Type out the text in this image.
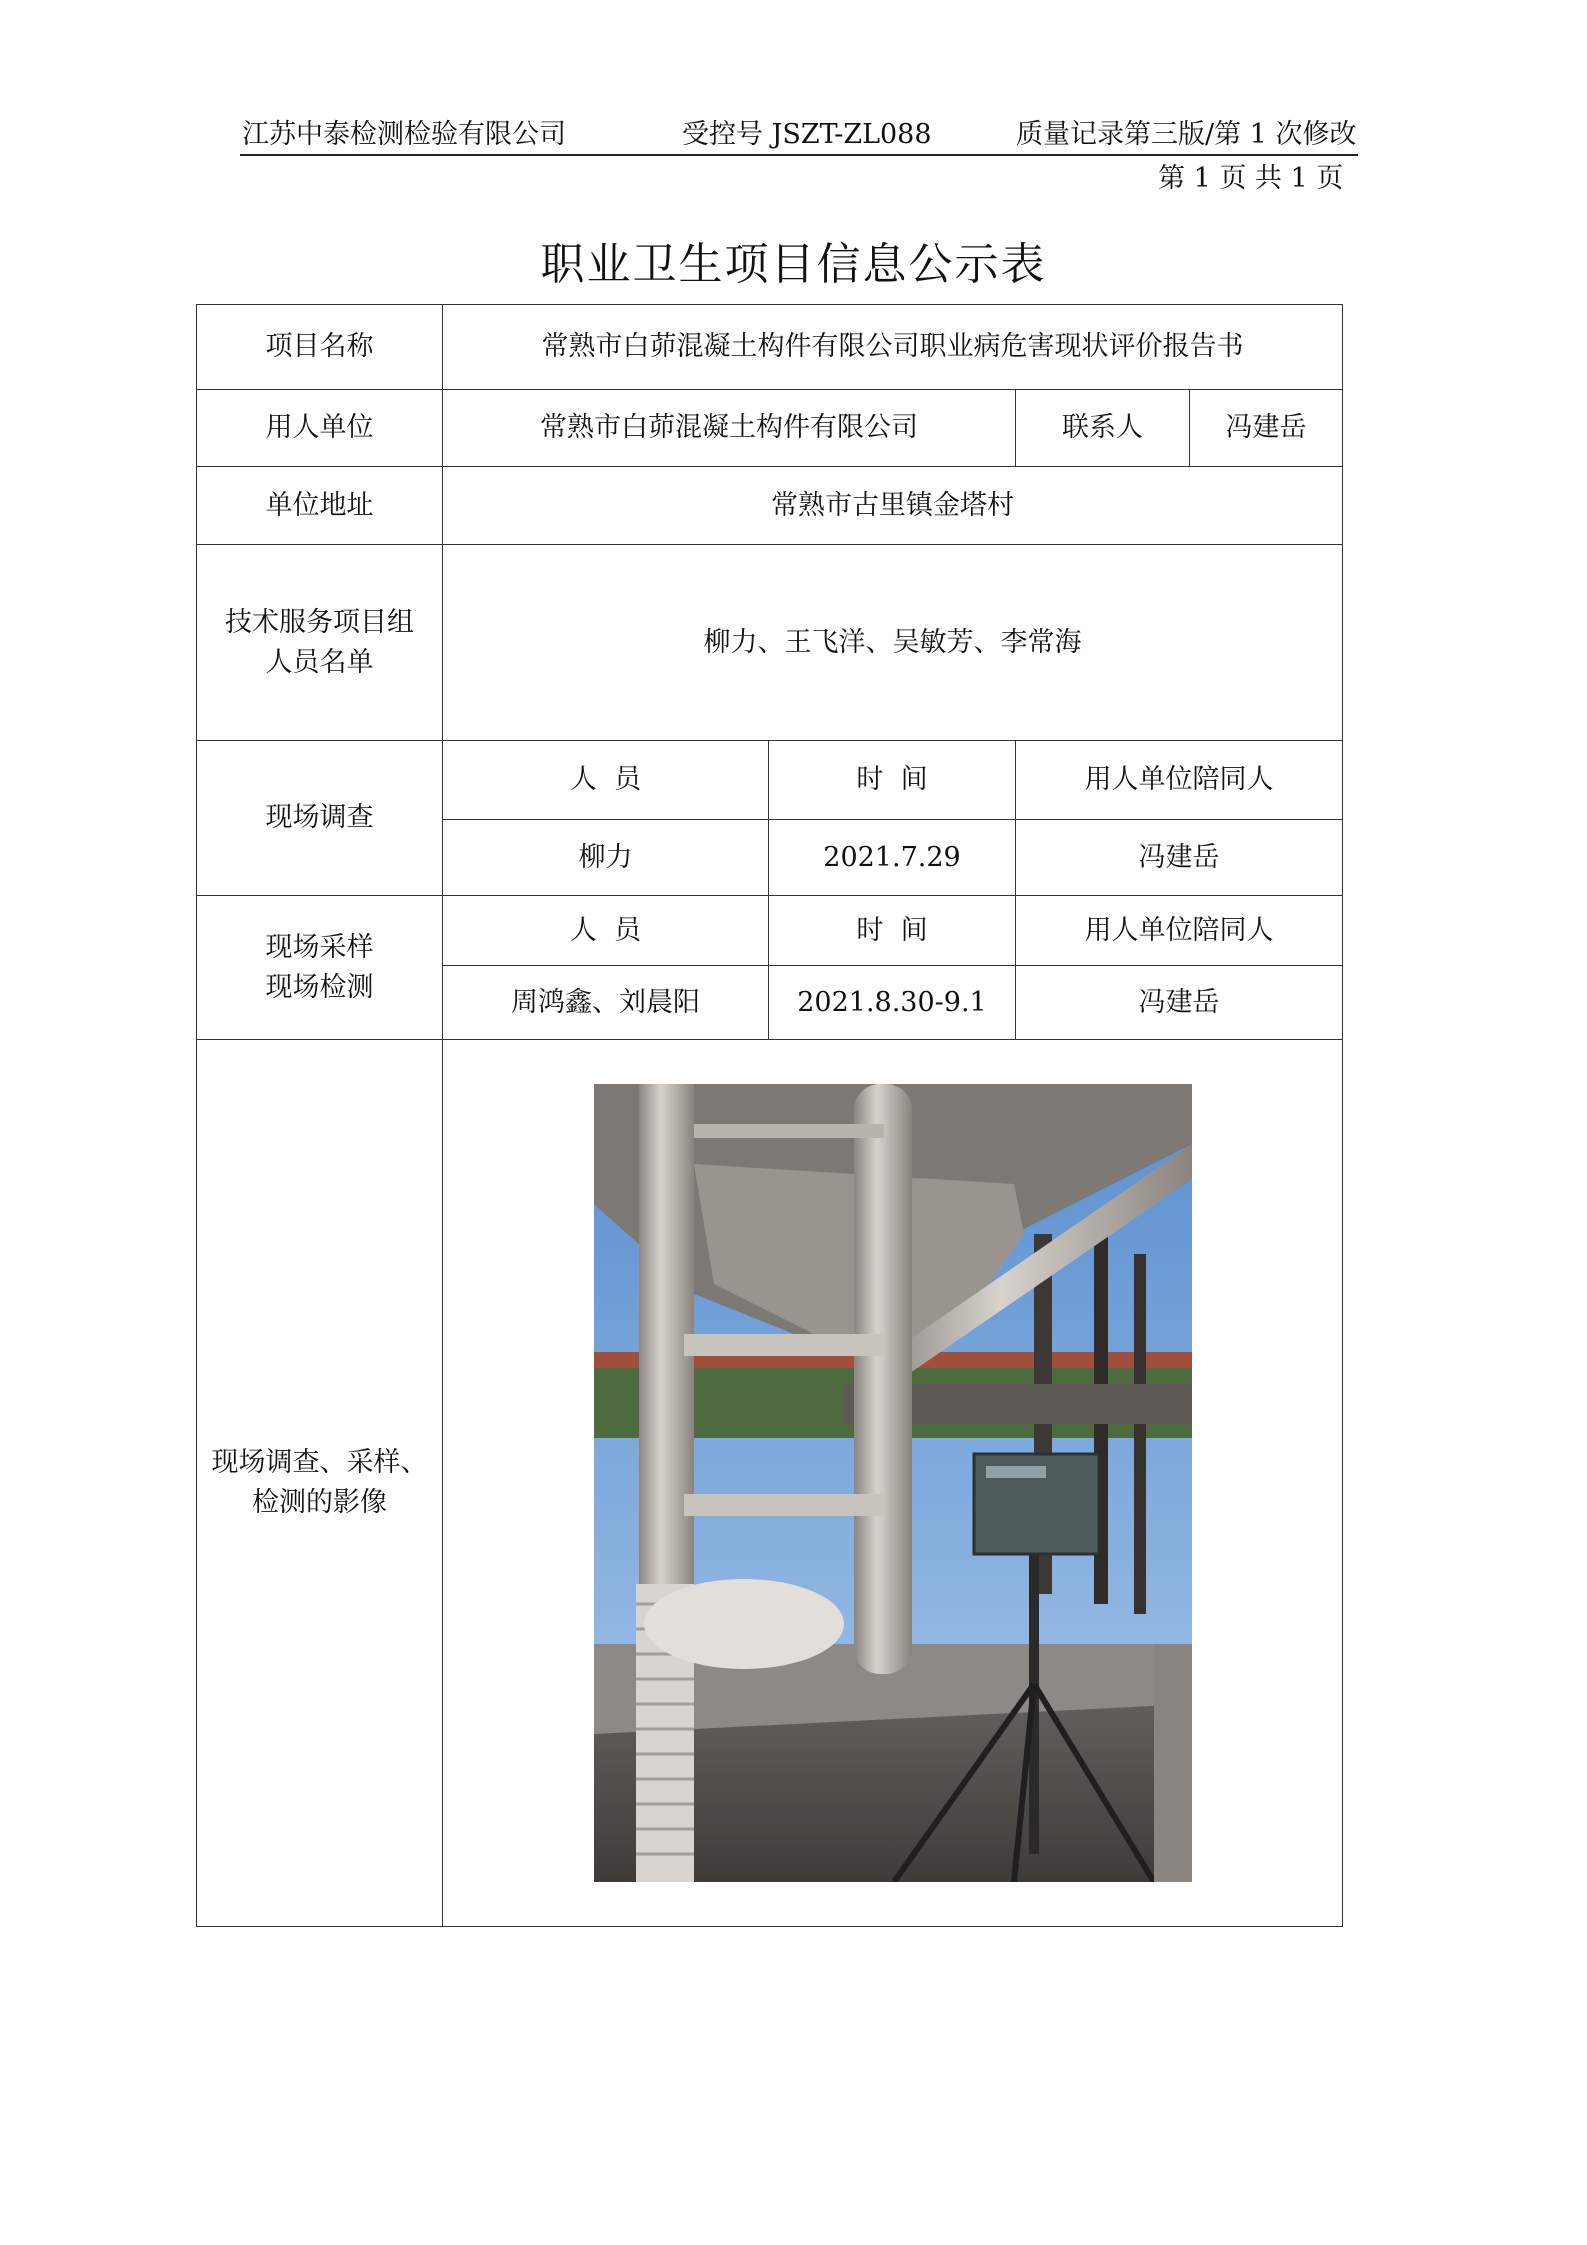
江苏中泰检测检验有限公司	受控号 JSZT-ZL088	质量记录第三版/第 1 次修改
第 1 页 共 1 页
职业卫生项目信息公示表
项目名称	常熟市白茆混凝土构件有限公司职业病危害现状评价报告书			
用人单位	常熟市白茆混凝土构件有限公司		联系人	冯建岳
单位地址	常熟市古里镇金塔村			

技术服务项目组
人员名单	柳力、王飞洋、吴敏芳、李常海			
现场调查	人  员	时  间	用人单位陪同人	
	柳力	2021.7.29	冯建岳	

现场采样
现场检测	人  员	时  间	用人单位陪同人	
	周鸿鑫、刘晨阳	2021.8.30-9.1	冯建岳	

现场调查、采样、
检测的影像
